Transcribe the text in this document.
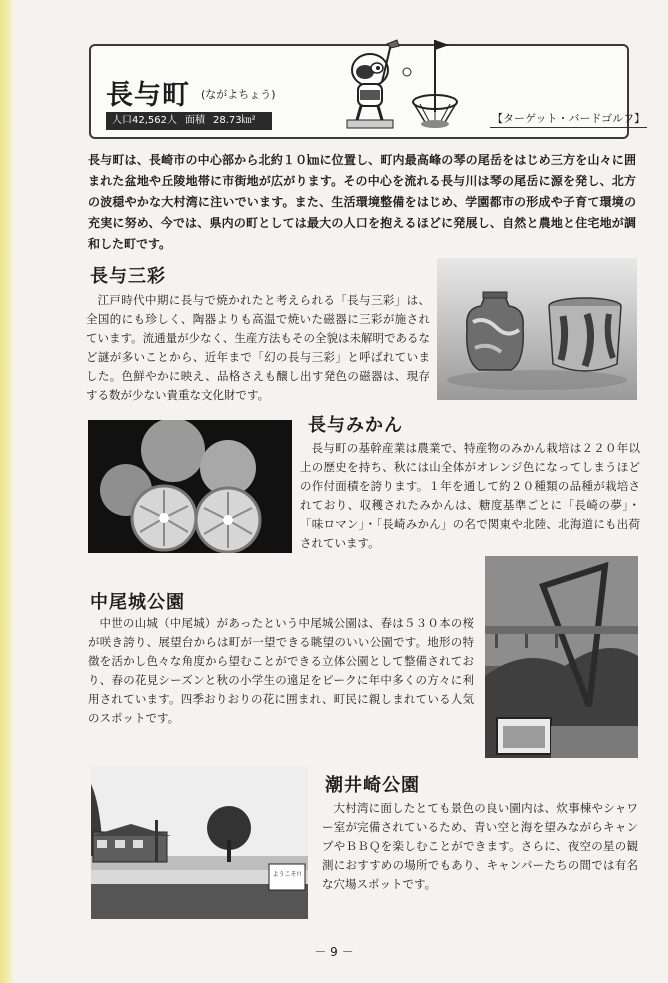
長与町 (ながよちょう)
人口42,562人 面積 28.73㎞²	【ターゲット・バードゴルフ】
長与町は、長崎市の中心部から北約１０㎞に位置し、町内最高峰の琴の尾岳をはじめ三方を山々に囲まれた盆地や丘陵地帯に市街地が広がります。その中心を流れる長与川は琴の尾岳に源を発し、北方の波穏やかな大村湾に注いでいます。また、生活環境整備をはじめ、学園都市の形成や子育て環境の充実に努め、今では、県内の町としては最大の人口を抱えるほどに発展し、自然と農地と住宅地が調和した町です。
長与三彩
江戸時代中期に長与で焼かれたと考えられる「長与三彩」は、全国的にも珍しく、陶器よりも高温で焼いた磁器に三彩が施されています。流通量が少なく、生産方法もその全貌は未解明であるなど謎が多いことから、近年まで「幻の長与三彩」と呼ばれていました。色鮮やかに映え、品格さえも醸し出す発色の磁器は、現存する数が少ない貴重な文化財です。
長与みかん
長与町の基幹産業は農業で、特産物のみかん栽培は２２０年以上の歴史を持ち、秋には山全体がオレンジ色になってしまうほどの作付面積を誇ります。１年を通して約２０種類の品種が栽培されており、収穫されたみかんは、糖度基準ごとに「長崎の夢」・「味ロマン」・「長崎みかん」の名で関東や北陸、北海道にも出荷されています。
中尾城公園
中世の山城（中尾城）があったという中尾城公園は、春は５３０本の桜が咲き誇り、展望台からは町が一望できる眺望のいい公園です。地形の特徴を活かし色々な角度から望むことができる立体公園として整備されており、春の花見シーズンと秋の小学生の遠足をピークに年中多くの方々に利用されています。四季おりおりの花に囲まれ、町民に親しまれている人気のスポットです。
ようこそ!!
潮井崎公園
大村湾に面したとても景色の良い園内は、炊事棟やシャワー室が完備されているため、青い空と海を望みながらキャンプやＢＢＱを楽しむことができます。さらに、夜空の星の観測におすすめの場所でもあり、キャンパーたちの間では有名な穴場スポットです。
－ 9 －
